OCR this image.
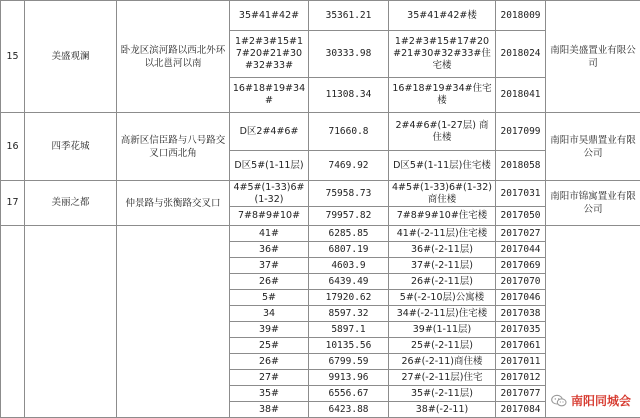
15	美盛观澜	卧龙区滨河路以西北外环以北邕河以南	35#41#42#	35361.21	35#41#42#楼	2018009	南阳美盛置业有限公司
			1#2#3#15#17#20#21#30#32#33#	30333.98	1#2#3#15#17#20#21#30#32#33#住宅楼	2018024	
			16#18#19#34#	11308.34	16#18#19#34#住宅楼	2018041	
16	四季花城	高新区信臣路与八号路交叉口西北角	D区2#4#6#	71660.8	2#4#6#(1-27层) 商住楼	2017099	南阳市昊鼎置业有限公司
			D区5#(1-11层)	7469.92	D区5#(1-11层)住宅楼	2018058	
17	美丽之都	仲景路与张衡路交叉口	4#5#(1-33)6#(1-32)	75958.73	4#5#(1-33)6#(1-32)商住楼	2017031	南阳市锦寓置业有限公司
			7#8#9#10#	79957.82	7#8#9#10#住宅楼	2017050	
			41#	6285.85	41#(-2-11层)住宅楼	2017027	
			36#	6807.19	36#(-2-11层)	2017044	
			37#	4603.9	37#(-2-11层)	2017069	
			26#	6439.49	26#(-2-11层)	2017070	
			5#	17920.62	5#(-2-10层)公寓楼	2017046	
			34	8597.32	34#(-2-11层)住宅楼	2017038	
			39#	5897.1	39#(1-11层)	2017035	
			25#	10135.56	25#(-2-11层)	2017061	
			26#	6799.59	26#(-2-11)商住楼	2017011	
			27#	9913.96	27#(-2-11层)住宅	2017012	
			35#	6556.67	35#(-2-11层)	2017077	
			38#	6423.88	38#(-2-11)	2017084	
南阳同城会
